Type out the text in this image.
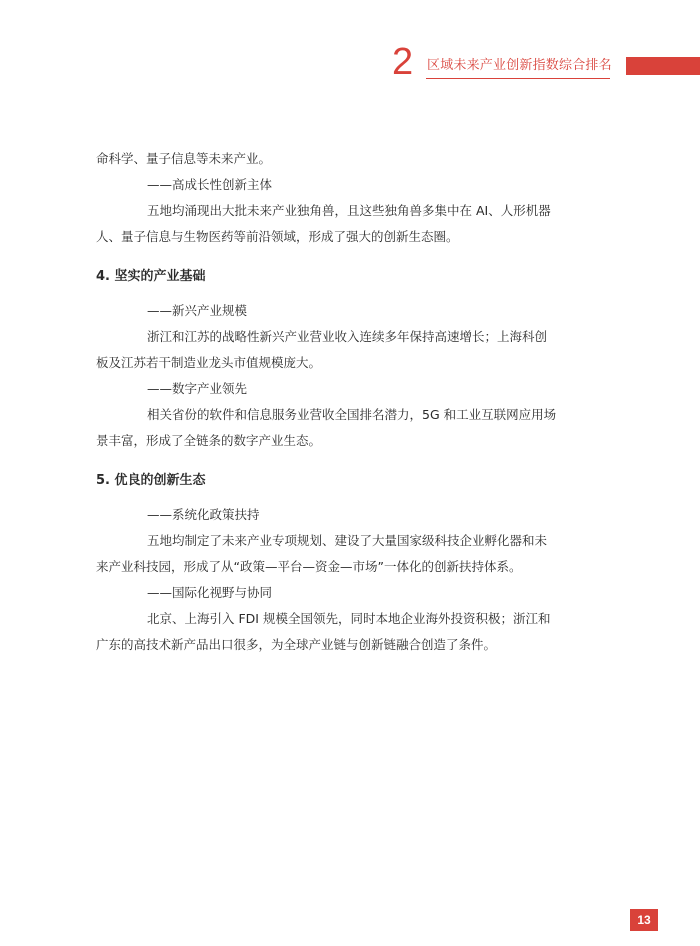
2 区域未来产业创新指数综合排名

命科学、量子信息等未来产业。

——高成长性创新主体

五地均涌现出大批未来产业独角兽，且这些独角兽多集中在 AI、人形机器

人、量子信息与生物医药等前沿领域，形成了强大的创新生态圈。

4. 坚实的产业基础

——新兴产业规模

浙江和江苏的战略性新兴产业营业收入连续多年保持高速增长；上海科创

板及江苏若干制造业龙头市值规模庞大。

——数字产业领先

相关省份的软件和信息服务业营收全国排名潜力，5G 和工业互联网应用场

景丰富，形成了全链条的数字产业生态。

5. 优良的创新生态

——系统化政策扶持

五地均制定了未来产业专项规划、建设了大量国家级科技企业孵化器和未

来产业科技园，形成了从“政策—平台—资金—市场”一体化的创新扶持体系。

——国际化视野与协同

北京、上海引入 FDI 规模全国领先，同时本地企业海外投资积极；浙江和

广东的高技术新产品出口很多，为全球产业链与创新链融合创造了条件。

13
